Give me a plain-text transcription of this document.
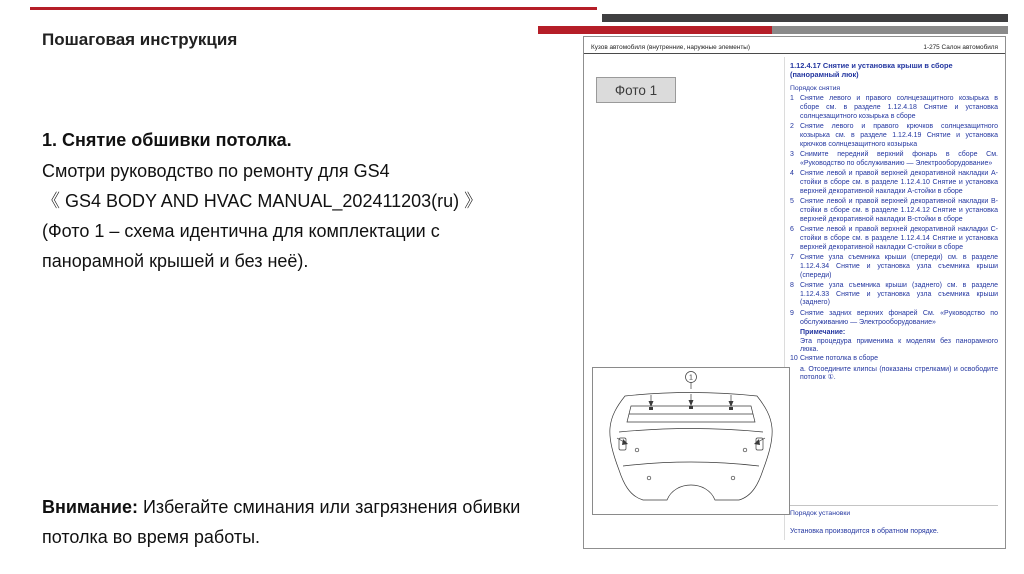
Пошаговая инструкция
1. Снятие обшивки потолка.
Смотри руководство по ремонту для GS4
《 GS4 BODY AND HVAC MANUAL_202411203(ru) 》
(Фото 1 – схема идентична для комплектации с
панорамной крышей и без неё).
Внимание: Избегайте сминания или загрязнения обивки потолка во время работы.
Кузов автомобиля (внутренние, наружные элементы)	1-275 Салон автомобиля
Фото 1
1.12.4.17 Снятие и установка крыши в сборе (панорамный люк)
Порядок снятия
1 Снятие левого и правого солнцезащитного козырька в сборе см. в разделе 1.12.4.18 Снятие и установка солнцезащитного козырька в сборе
2 Снятие левого и правого крючков солнцезащитного козырька см. в разделе 1.12.4.19 Снятие и установка крючков солнцезащитного козырька
3 Снимите передний верхний фонарь в сборе См. «Руководство по обслуживанию — Электрооборудование»
4 Снятие левой и правой верхней декоративной накладки А-стойки в сборе см. в разделе 1.12.4.10 Снятие и установка верхней декоративной накладки А-стойки в сборе
5 Снятие левой и правой верхней декоративной накладки В-стойки в сборе см. в разделе 1.12.4.12 Снятие и установка верхней декоративной накладки В-стойки в сборе
6 Снятие левой и правой верхней декоративной накладки С-стойки в сборе см. в разделе 1.12.4.14 Снятие и установка верхней декоративной накладки С-стойки в сборе
7 Снятие узла съемника крыши (спереди) см. в разделе 1.12.4.34 Снятие и установка узла съемника крыши (спереди)
8 Снятие узла съемника крыши (заднего) см. в разделе 1.12.4.33 Снятие и установка узла съемника крыши (заднего)
9 Снятие задних верхних фонарей См. «Руководство по обслуживанию — Электрооборудование»
Примечание:
Эта процедура применима к моделям без панорамного люка.
10 Снятие потолка в сборе
а. Отсоедините клипсы (показаны стрелками) и освободите потолок ①.
Порядок установки
Установка производится в обратном порядке.
1
